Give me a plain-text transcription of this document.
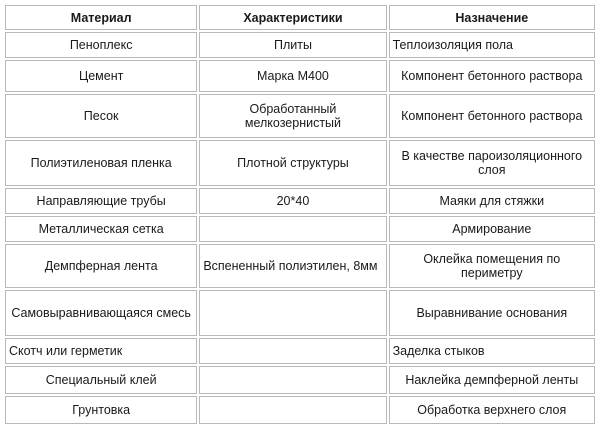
Материал	Характеристики	Назначение
Пеноплекс	Плиты	Теплоизоляция пола
Цемент	Марка М400	Компонент бетонного раствора
Песок	Обработанный мелкозернистый	Компонент бетонного раствора
Полиэтиленовая пленка	Плотной структуры	В качестве пароизоляционного слоя
Направляющие трубы	20*40	Маяки для стяжки
Металлическая сетка		Армирование
Демпферная лента	Вспененный полиэтилен, 8мм	Оклейка помещения по периметру
Самовыравнивающаяся смесь		Выравнивание основания
Скотч или герметик		Заделка стыков
Специальный клей		Наклейка демпферной ленты
Грунтовка		Обработка верхнего слоя
